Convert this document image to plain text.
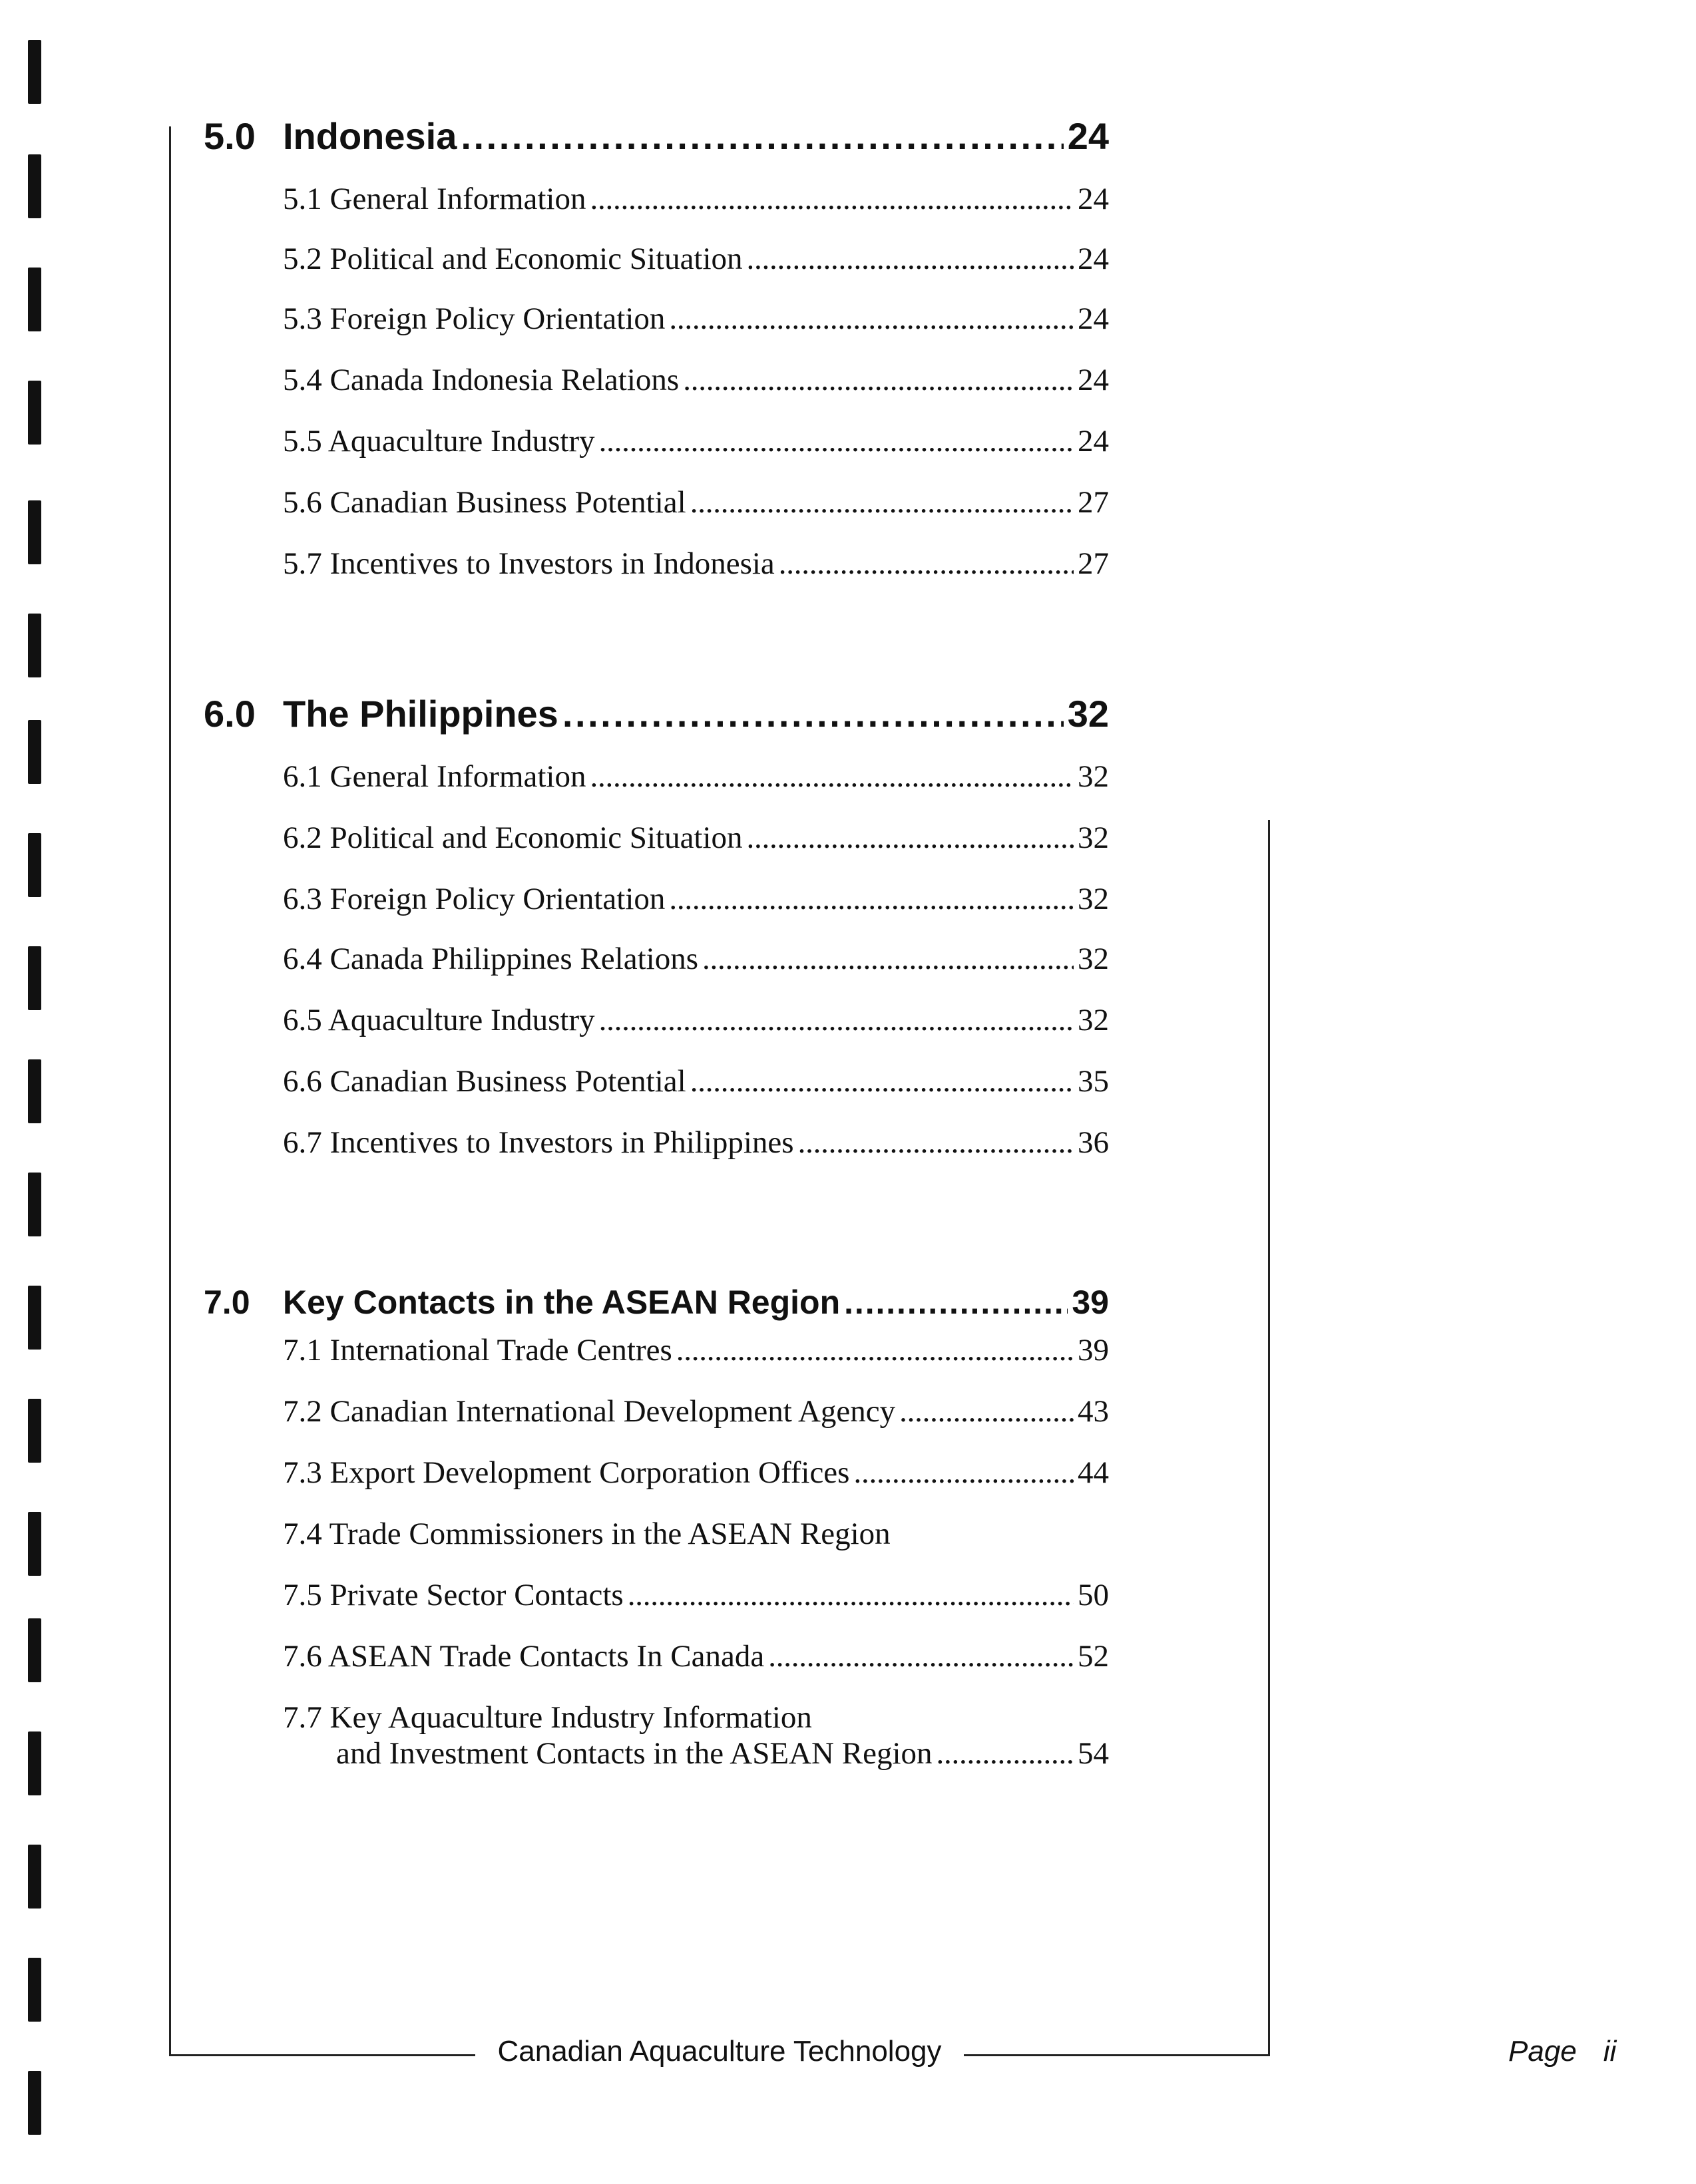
5.0 Indonesia . . .	24
5.1 General Information . . .	24
5.2 Political and Economic Situation . . .	24
5.3 Foreign Policy Orientation . . .	24
5.4 Canada Indonesia Relations . . .	24
5.5 Aquaculture Industry . . .	24
5.6 Canadian Business Potential . . .	27
5.7 Incentives to Investors in Indonesia . . .	27
6.0 The Philippines . . .	32
6.1 General Information . . .	32
6.2 Political and Economic Situation . . .	32
6.3 Foreign Policy Orientation . . .	32
6.4 Canada Philippines Relations . . .	32
6.5 Aquaculture Industry . . .	32
6.6 Canadian Business Potential . . .	35
6.7 Incentives to Investors in Philippines . . .	36
7.0 Key Contacts in the ASEAN Region . . .	39
7.1 International Trade Centres . . .	39
7.2 Canadian International Development Agency . . .	43
7.3 Export Development Corporation Offices . . .	44
7.4 Trade Commissioners in the ASEAN Region
7.5 Private Sector Contacts . . .	50
7.6 ASEAN Trade Contacts In Canada . . .	52
7.7 Key Aquaculture Industry Information
and Investment Contacts in the ASEAN Region . . .	54
Canadian Aquaculture Technology	Page ii
